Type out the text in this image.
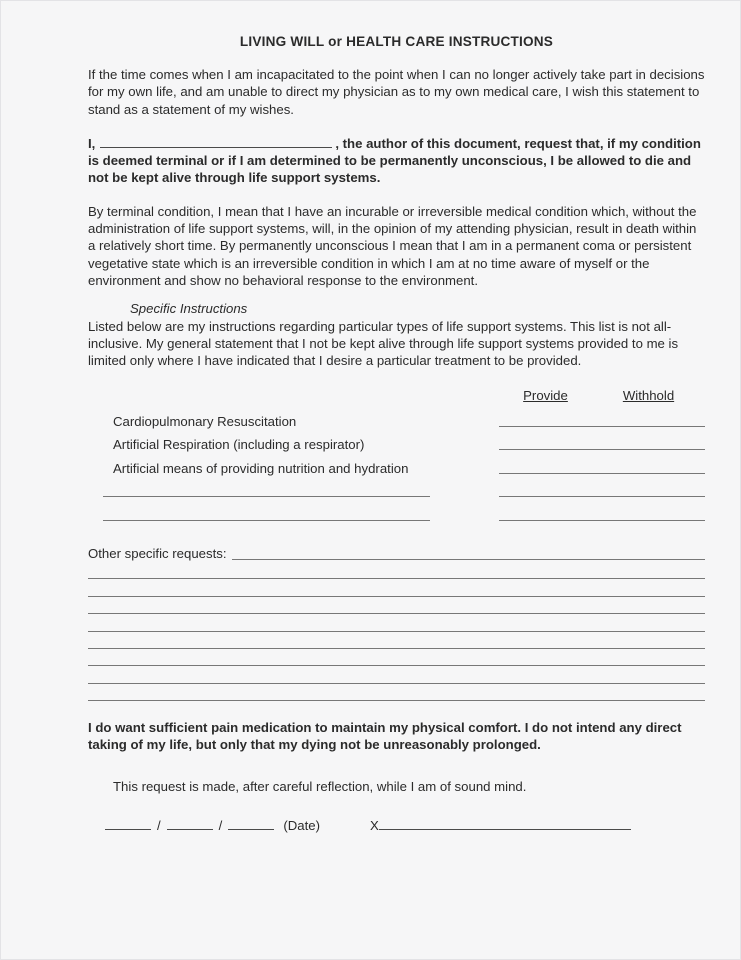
LIVING WILL or HEALTH CARE INSTRUCTIONS

If the time comes when I am incapacitated to the point when I can no longer actively take part in decisions for my own life, and am unable to direct my physician as to my own medical care, I wish this statement to stand as a statement of my wishes.

I,	, the author of this document, request that, if my condition is deemed terminal or if I am determined to be permanently unconscious, I be allowed to die and not be kept alive through life support systems.

By terminal condition, I mean that I have an incurable or irreversible medical condition which, without the administration of life support systems, will, in the opinion of my attending physician, result in death within a relatively short time. By permanently unconscious I mean that I am in a permanent coma or persistent vegetative state which is an irreversible condition in which I am at no time aware of myself or the environment and show no behavioral response to the environment.

Specific Instructions

Listed below are my instructions regarding particular types of life support systems. This list is not all-inclusive. My general statement that I not be kept alive through life support systems provided to me is limited only where I have indicated that I desire a particular treatment to be provided.

Provide	Withhold
Cardiopulmonary Resuscitation
Artificial Respiration (including a respirator)
Artificial means of providing nutrition and hydration
Other specific requests:

I do want sufficient pain medication to maintain my physical comfort. I do not intend any direct taking of my life, but only that my dying not be unreasonably prolonged.

This request is made, after careful reflection, while I am of sound mind.

/	/	(Date)	X
